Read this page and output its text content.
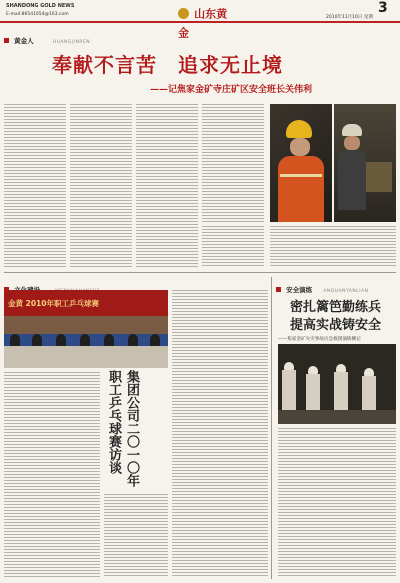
SHANDONG GOLD NEWS
E-mail:86541654@163.com	山东黄金
2010年11月10日 星期
3
黄金人	HUANGJINREN
奉献不言苦　追求无止境
——记焦家金矿寺庄矿区安全班长关伟利
金黄 2010年职工乒乓球赛
集团公司二〇一〇年职工乒乓球赛访谈
安全演练 ANQUANYANLIAN
密扎篱笆勤练兵
提高实战铸安全
——焦家金矿火灾事故应急救援演练侧记
